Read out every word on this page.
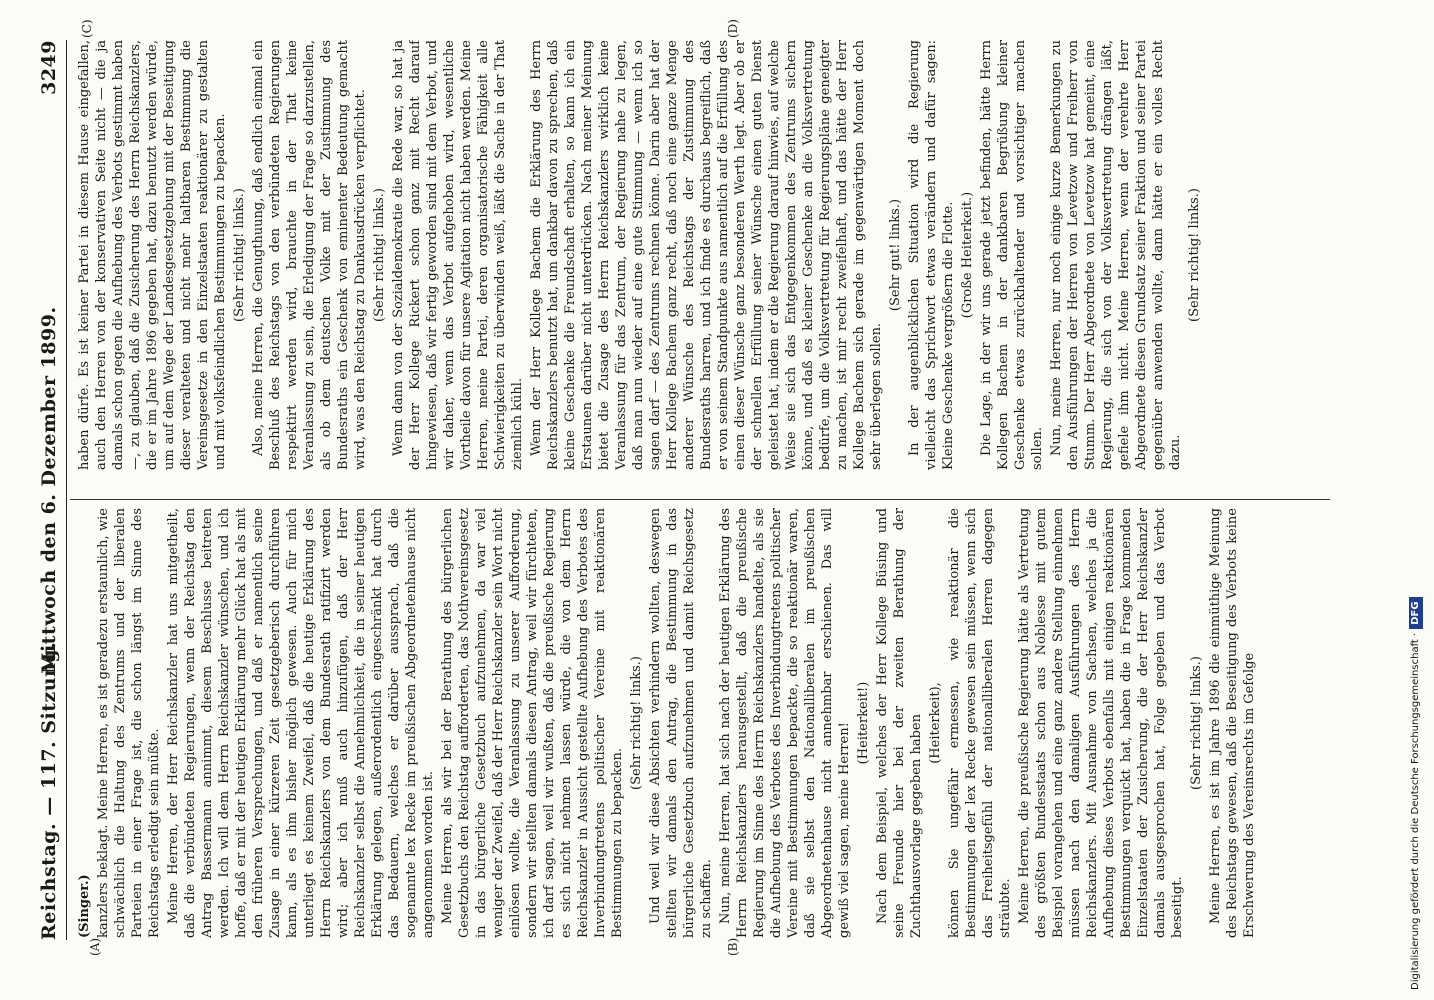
Reichstag. — 117. Sitzung.
Mittwoch den 6. Dezember 1899.
3249
(A)	(B)
(C)	(D)

(Singer.) kanzlers beklagt. Meine Herren, es ist geradezu erstaunlich, wie schwächlich die Haltung des Zentrums und der liberalen Parteien in einer Frage ist, die schon längst im Sinne des Reichstags erledigt sein müßte. Meine Herren, der Herr Reichskanzler hat uns mitgetheilt, daß die verbündeten Regierungen, wenn der Reichstag den Antrag Bassermann annimmt, diesem Beschlusse beitreten werden. Ich will dem Herrn Reichskanzler wünschen, und ich hoffe, daß er mit der heutigen Erklärung mehr Glück hat als mit den früheren Versprechungen, und daß er namentlich seine Zusage in einer kürzeren Zeit gesetzgeberisch durchführen kann, als es ihm bisher möglich gewesen. Auch für mich unterliegt es keinem Zweifel, daß die heutige Erklärung des Herrn Reichskanzlers von dem Bundesrath ratifizirt werden wird; aber ich muß auch hinzufügen, daß der Herr Reichskanzler selbst die Annehmlichkeit, die in seiner heutigen Erklärung gelegen, außerordentlich eingeschränkt hat durch das Bedauern, welches er darüber aussprach, daß die sogenannte lex Recke im preußischen Abgeordnetenhause nicht angenommen worden ist. Meine Herren, als wir bei der Berathung des bürgerlichen Gesetzbuchs den Reichstag aufforderten, das Nothvereinsgesetz in das bürgerliche Gesetzbuch aufzunehmen, da war viel weniger der Zweifel, daß der Herr Reichskanzler sein Wort nicht einlösen wollte, die Veranlassung zu unserer Aufforderung, sondern wir stellten damals diesen Antrag, weil wir fürchteten, ich darf sagen, weil wir wußten, daß die preußische Regierung es sich nicht nehmen lassen würde, die von dem Herrn Reichskanzler in Aussicht gestellte Aufhebung des Verbotes des Inverbindungtretens politischer Vereine mit reaktionären Bestimmungen zu bepacken.

(Sehr richtig! links.) Und weil wir diese Absichten verhindern wollten, deswegen stellten wir damals den Antrag, die Bestimmung in das bürgerliche Gesetzbuch aufzunehmen und damit Reichsgesetz zu schaffen. Nun, meine Herren, hat sich nach der heutigen Erklärung des Herrn Reichskanzlers herausgestellt, daß die preußische Regierung im Sinne des Herrn Reichskanzlers handelte, als sie die Aufhebung des Verbotes des Inverbindungtretens politischer Vereine mit Bestimmungen bepackte, die so reaktionär waren, daß sie selbst den Nationalliberalen im preußischen Abgeordnetenhause nicht annehmbar erschienen. Das will gewiß viel sagen, meine Herren! (Heiterkeit!) Nach dem Beispiel, welches der Herr Kollege Büsing und seine Freunde hier bei der zweiten Berathung der Zuchthausvorlage gegeben haben (Heiterkeit), können Sie ungefähr ermessen, wie reaktionär die Bestimmungen der lex Recke gewesen sein müssen, wenn sich das Freiheitsgefühl der nationalliberalen Herren dagegen sträubte. Meine Herren, die preußische Regierung hätte als Vertretung des größten Bundesstaats schon aus Noblesse mit gutem Beispiel vorangehen und eine ganz andere Stellung einnehmen müssen nach den damaligen Ausführungen des Herrn Reichskanzlers. Mit Ausnahme von Sachsen, welches ja die Aufhebung dieses Verbots ebenfalls mit einigen reaktionären Bestimmungen verquickt hat, haben die in Frage kommenden Einzelstaaten der Zusicherung, die der Herr Reichskanzler damals ausgesprochen hat, Folge gegeben und das Verbot beseitigt.

(Sehr richtig! links.) Meine Herren, es ist im Jahre 1896 die einmüthige Meinung des Reichstags gewesen, daß die Beseitigung des Verbots keine Erschwerung des Vereinsrechts im Gefolge

haben dürfe. Es ist keiner Partei in diesem Hause eingefallen, auch den Herren von der konservativen Seite nicht — die ja damals schon gegen die Aufhebung des Verbots gestimmt haben —, zu glauben, daß die Zusicherung des Herrn Reichskanzlers, die er im Jahre 1896 gegeben hat, dazu benutzt werden würde, um auf dem Wege der Landesgesetzgebung mit der Beseitigung dieser veralteten und nicht mehr haltbaren Bestimmung die Vereinsgesetze in den Einzelstaaten reaktionärer zu gestalten und mit volksfeindlichen Bestimmungen zu bepacken. (Sehr richtig! links.) Also, meine Herren, die Genugthuung, daß endlich einmal ein Beschluß des Reichstags von den verbündeten Regierungen respektirt werden wird, brauchte in der That keine Veranlassung zu sein, die Erledigung der Frage so darzustellen, als ob dem deutschen Volke mit der Zustimmung des Bundesraths ein Geschenk von eminenter Bedeutung gemacht wird, was den Reichstag zu Dankausdrücken verpflichtet. (Sehr richtig! links.) Wenn dann von der Sozialdemokratie die Rede war, so hat ja der Herr Kollege Rickert schon ganz mit Recht darauf hingewiesen, daß wir fertig geworden sind mit dem Verbot, und wir daher, wenn das Verbot aufgehoben wird, wesentliche Vortheile davon für unsere Agitation nicht haben werden. Meine Herren, meine Partei, deren organisatorische Fähigkeit alle Schwierigkeiten zu überwinden weiß, läßt die Sache in der That ziemlich kühl. Wenn der Herr Kollege Bachem die Erklärung des Herrn Reichskanzlers benutzt hat, um dankbar davon zu sprechen, daß kleine Geschenke die Freundschaft erhalten, so kann ich ein Erstaunen darüber nicht unterdrücken. Nach meiner Meinung bietet die Zusage des Herrn Reichskanzlers wirklich keine Veranlassung für das Zentrum, der Regierung nahe zu legen, daß man nun wieder auf eine gute Stimmung — wenn ich so sagen darf — des Zentrums rechnen könne. Darin aber hat der Herr Kollege Bachem ganz recht, daß noch eine ganze Menge anderer Wünsche des Reichstags der Zustimmung des Bundesraths harren, und ich finde es durchaus begreiflich, daß er von seinem Standpunkte aus namentlich auf die Erfüllung des einen dieser Wünsche ganz besonderen Werth legt. Aber ob er der schnellen Erfüllung seiner Wünsche einen guten Dienst geleistet hat, indem er die Regierung darauf hinwies, auf welche Weise sie sich das Entgegenkommen des Zentrums sichern könne, und daß es kleiner Geschenke an die Volksvertretung bedürfe, um die Volksvertretung für Regierungspläne geneigter zu machen, ist mir recht zweifelhaft, und das hätte der Herr Kollege Bachem sich gerade im gegenwärtigen Moment doch sehr überlegen sollen.

(Sehr gut! links.) In der augenblicklichen Situation wird die Regierung vielleicht das Sprichwort etwas verändern und dafür sagen: Kleine Geschenke vergrößern die Flotte. (Große Heiterkeit.) Die Lage, in der wir uns gerade jetzt befinden, hätte Herrn Kollegen Bachem in der dankbaren Begrüßung kleiner Geschenke etwas zurückhaltender und vorsichtiger machen sollen. Nun, meine Herren, nur noch einige kurze Bemerkungen zu den Ausführungen der Herren von Levetzow und Freiherr von Stumm. Der Herr Abgeordnete von Levetzow hat gemeint, eine Regierung, die sich von der Volksvertretung drängen läßt, gefiele ihm nicht. Meine Herren, wenn der verehrte Herr Abgeordnete diesen Grundsatz seiner Fraktion und seiner Partei gegenüber anwenden wollte, dann hätte er ein volles Recht dazu.

(Sehr richtig! links.)

Digitalisierung gefördert durch die Deutsche Forschungsgemeinschaft ·DFG
